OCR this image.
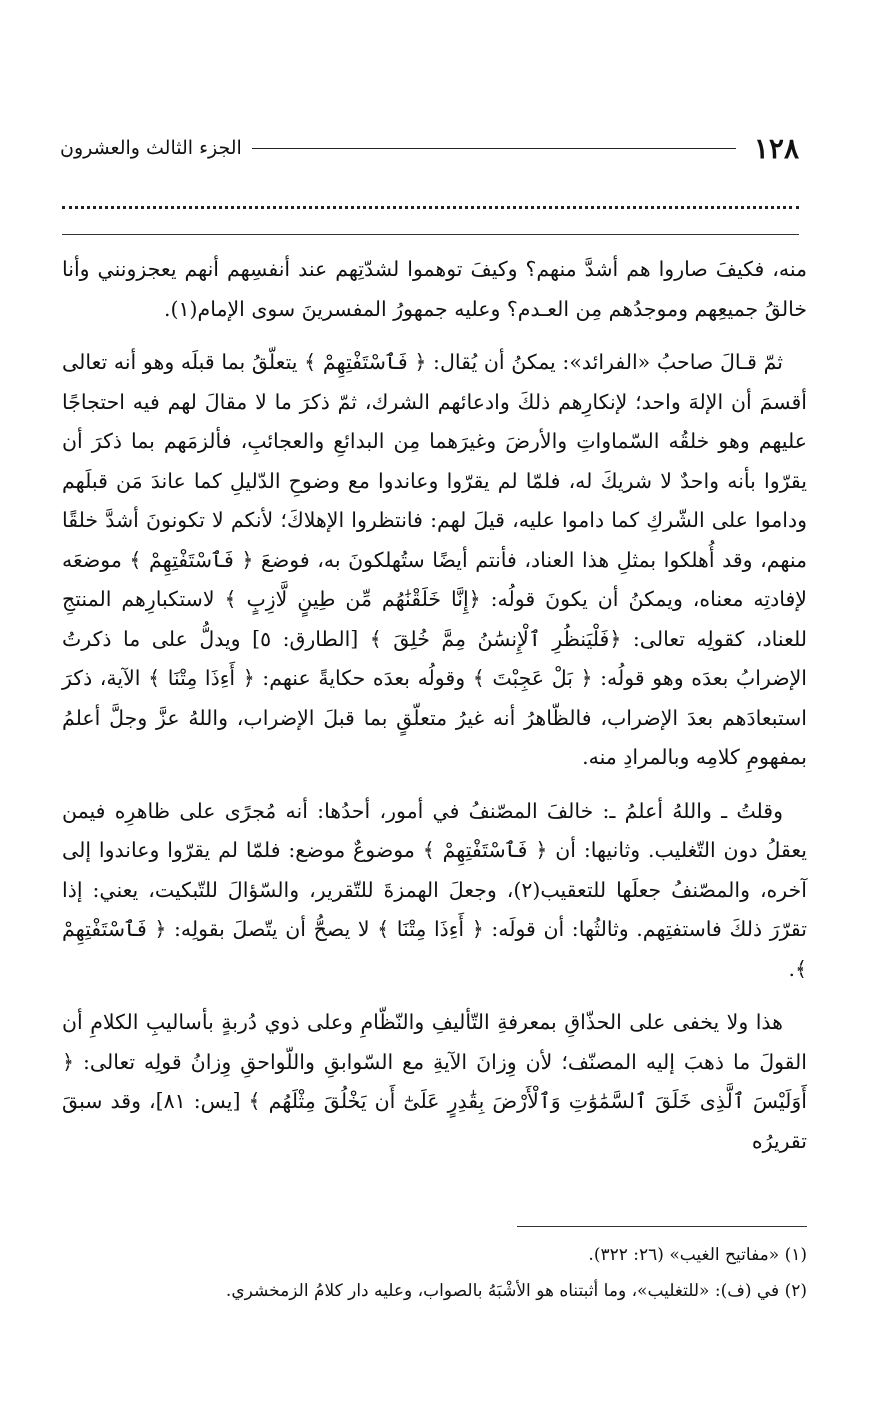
١٢٨
الجزء الثالث والعشرون

منه، فكيفَ صاروا هم أشدَّ منهم؟ وكيفَ توهموا لشدّتِهم عند أنفسِهم أنهم يعجزونني وأنا خالقُ جميعِهم وموجدُهم مِن العـدم؟ وعليه جمهورُ المفسرينَ سوى الإمام(١).

ثمّ قـالَ صاحبُ «الفرائد»: يمكنُ أن يُقال: ﴿ فَٱسْتَفْتِهِمْ ﴾ يتعلّقُ بما قبلَه وهو أنه تعالى أقسمَ أن الإلهَ واحد؛ لإنكارِهم ذلكَ وادعائهم الشرك، ثمّ ذكرَ ما لا مقالَ لهم فيه احتجاجًا عليهم وهو خلقُه السّماواتِ والأرضَ وغيرَهما مِن البدائعِ والعجائبِ، فألزمَهم بما ذكرَ أن يقرّوا بأنه واحدٌ لا شريكَ له، فلمّا لم يقرّوا وعاندوا مع وضوحِ الدّليلِ كما عاندَ مَن قبلَهم وداموا على الشّركِ كما داموا عليه، قيلَ لهم: فانتظروا الإهلاكَ؛ لأنكم لا تكونونَ أشدَّ خلقًا منهم، وقد أُهلكوا بمثلِ هذا العناد، فأنتم أيضًا ستُهلكونَ به، فوضعَ ﴿ فَٱسْتَفْتِهِمْ ﴾ موضعَه لإفادتِه معناه، ويمكنُ أن يكونَ قولُه: ﴿إِنَّا خَلَقْنَٰهُم مِّن طِينٍ لَّازِبٍ ﴾ لاستكبارِهم المنتجِ للعناد، كقولِه تعالى: ﴿فَلْيَنظُرِ ٱلْإِنسَٰنُ مِمَّ خُلِقَ ﴾ [الطارق: ٥] ويدلُّ على ما ذكرتُ الإضرابُ بعدَه وهو قولُه: ﴿ بَلْ عَجِبْتَ ﴾ وقولُه بعدَه حكايةً عنهم: ﴿ أَءِذَا مِتْنَا ﴾ الآية، ذكرَ استبعادَهم بعدَ الإضراب، فالظّاهرُ أنه غيرُ متعلّقٍ بما قبلَ الإضراب، واللهُ عزَّ وجلَّ أعلمُ بمفهومِ كلامِه وبالمرادِ منه.

وقلتُ ـ واللهُ أعلمُ ـ: خالفَ المصّنفُ في أمور، أحدُها: أنه مُجرًى على ظاهرِه فيمن يعقلُ دون التّغليب. وثانيها: أن ﴿ فَٱسْتَفْتِهِمْ ﴾ موضوعٌ موضع: فلمّا لم يقرّوا وعاندوا إلى آخره، والمصّنفُ جعلَها للتعقيب(٢)، وجعلَ الهمزةَ للتّقرير، والسّؤالَ للتّبكيت، يعني: إذا تقرّرَ ذلكَ فاستفتِهم. وثالثُها: أن قولَه: ﴿ أَءِذَا مِتْنَا ﴾ لا يصحُّ أن يتّصلَ بقولِه: ﴿ فَٱسْتَفْتِهِمْ ﴾.

هذا ولا يخفى على الحذّاقِ بمعرفةِ التّأليفِ والنّظّامِ وعلى ذوي دُربةٍ بأساليبِ الكلامِ أن القولَ ما ذهبَ إليه المصنّف؛ لأن وِزانَ الآيةِ مع السّوابقِ واللّواحقِ وِزانُ قولِه تعالى: ﴿ أَوَلَيْسَ ٱلَّذِى خَلَقَ ٱلسَّمَٰوَٰتِ وَٱلْأَرْضَ بِقَٰدِرٍ عَلَىٰٓ أَن يَخْلُقَ مِثْلَهُم ﴾ [يس: ٨١]، وقد سبقَ تقريرُه

(١) «مفاتيح الغيب» (٢٦: ٣٢٢).

(٢) في (ف): «للتغليب»، وما أثبتناه هو الأشْبَهُ بالصواب، وعليه دار كلامُ الزمخشري.
